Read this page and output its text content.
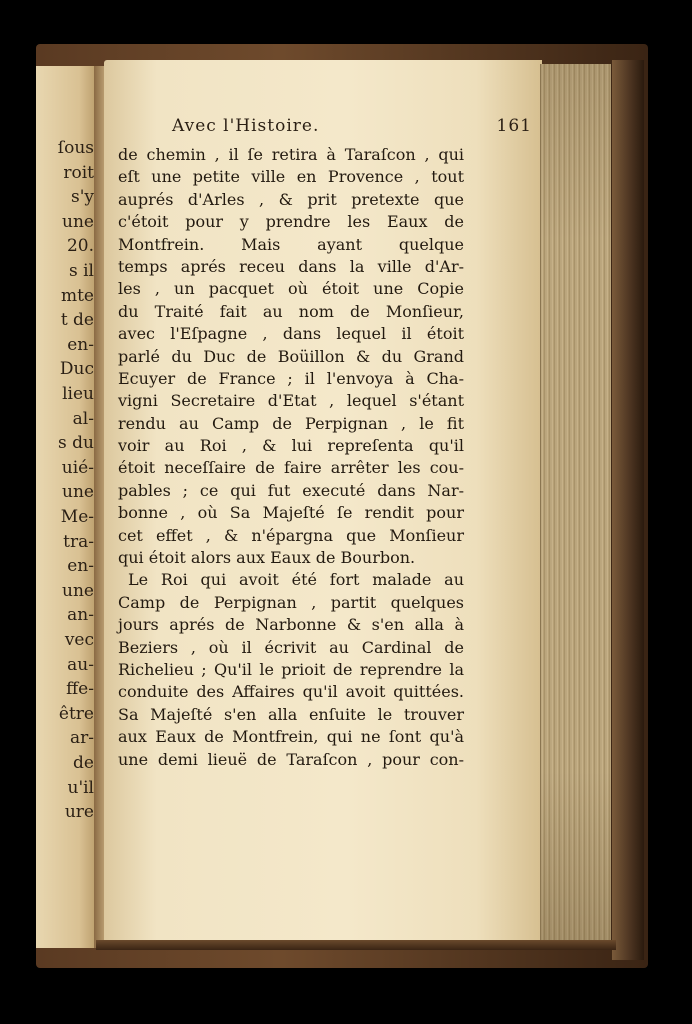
ſous
roit
s'y
une
20.
s il
mte
t de
en-
Duc
lieu
al-
s du
uié-
une
Me-
tra-
en-
une
an-
vec
au-
ffe-
être
ar-
de
u'il
ure
Avec l'Histoire.	161
de chemin , il ſe retira à Taraſcon , qui
eſt une petite ville en Provence , tout
auprés d'Arles , & prit pretexte que
c'étoit pour y prendre les Eaux de
Montfrein. Mais ayant quelque
temps aprés receu dans la ville d'Ar-
les , un pacquet où étoit une Copie
du Traité fait au nom de Monſieur,
avec l'Eſpagne , dans lequel il étoit
parlé du Duc de Boüillon & du Grand
Ecuyer de France ; il l'envoya à Cha-
vigni Secretaire d'Etat , lequel s'étant
rendu au Camp de Perpignan , le fit
voir au Roi , & lui repreſenta qu'il
étoit neceſſaire de faire arrêter les cou-
pables ; ce qui fut executé dans Nar-
bonne , où Sa Majeſté ſe rendit pour
cet effet , & n'épargna que Monſieur
qui étoit alors aux Eaux de Bourbon.
Le Roi qui avoit été fort malade au
Camp de Perpignan , partit quelques
jours aprés de Narbonne & s'en alla à
Beziers , où il écrivit au Cardinal de
Richelieu ; Qu'il le prioit de reprendre la
conduite des Affaires qu'il avoit quittées.
Sa Majeſté s'en alla enſuite le trouver
aux Eaux de Montfrein, qui ne ſont qu'à
une demi lieuë de Taraſcon , pour con-
